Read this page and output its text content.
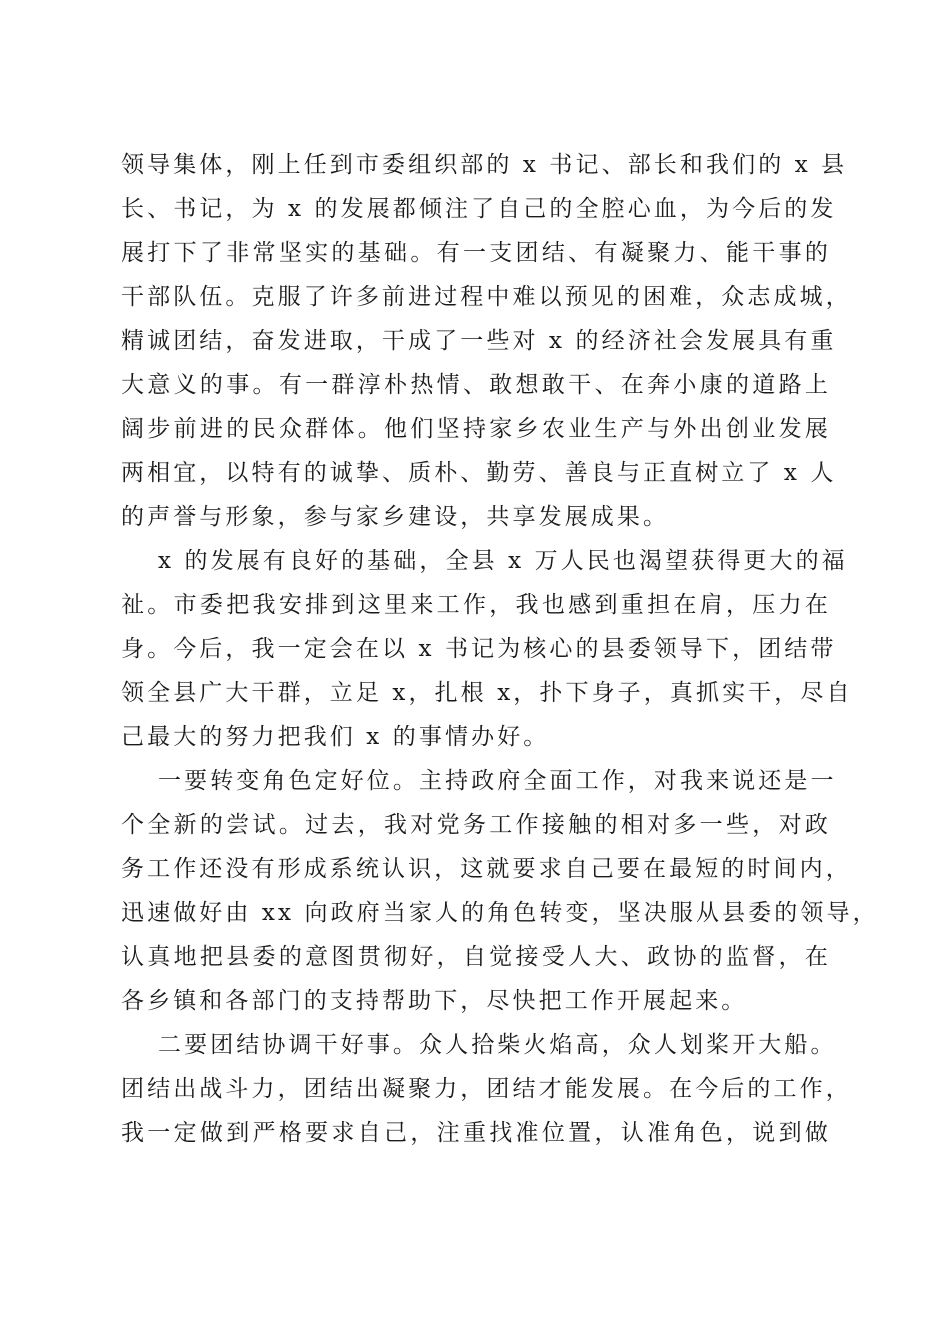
领导集体，刚上任到市委组织部的 x 书记、部长和我们的 x 县
长、书记，为 x 的发展都倾注了自己的全腔心血，为今后的发
展打下了非常坚实的基础。有一支团结、有凝聚力、能干事的
干部队伍。克服了许多前进过程中难以预见的困难，众志成城，
精诚团结，奋发进取，干成了一些对 x 的经济社会发展具有重
大意义的事。有一群淳朴热情、敢想敢干、在奔小康的道路上
阔步前进的民众群体。他们坚持家乡农业生产与外出创业发展
两相宜，以特有的诚挚、质朴、勤劳、善良与正直树立了 x 人
的声誉与形象，参与家乡建设，共享发展成果。
x 的发展有良好的基础，全县 x 万人民也渴望获得更大的福
祉。市委把我安排到这里来工作，我也感到重担在肩，压力在
身。今后，我一定会在以 x 书记为核心的县委领导下，团结带
领全县广大干群，立足 x，扎根 x，扑下身子，真抓实干，尽自
己最大的努力把我们 x 的事情办好。
一要转变角色定好位。主持政府全面工作，对我来说还是一
个全新的尝试。过去，我对党务工作接触的相对多一些，对政
务工作还没有形成系统认识，这就要求自己要在最短的时间内，
迅速做好由 xx 向政府当家人的角色转变，坚决服从县委的领导，
认真地把县委的意图贯彻好，自觉接受人大、政协的监督，在
各乡镇和各部门的支持帮助下，尽快把工作开展起来。
二要团结协调干好事。众人拾柴火焰高，众人划桨开大船。
团结出战斗力，团结出凝聚力，团结才能发展。在今后的工作，
我一定做到严格要求自己，注重找准位置，认准角色，说到做
